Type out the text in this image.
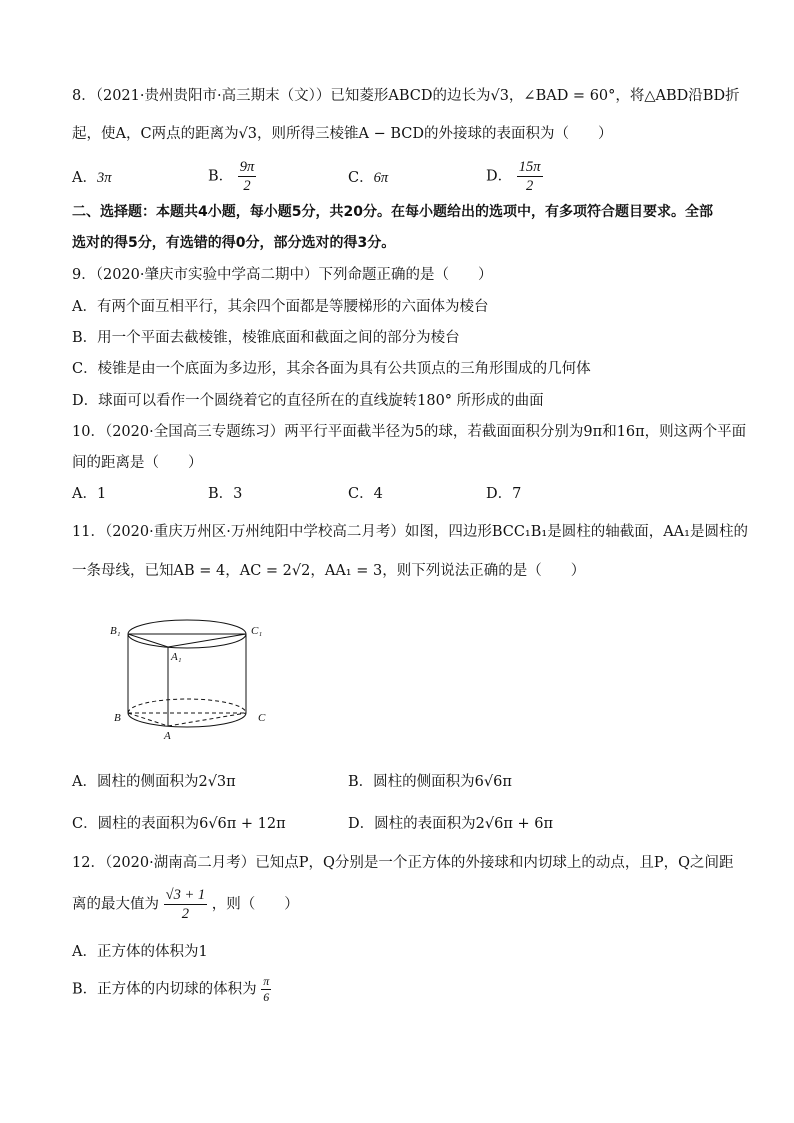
8．（2021·贵州贵阳市·高三期末（文））已知菱形ABCD的边长为√3，∠BAD = 60°，将△ABD沿BD折
起，使A，C两点的距离为√3，则所得三棱锥A − BCD的外接球的表面积为（　　）
A．3π	B． $\frac{9\pi}{2}$	C．6π	D． $\frac{15\pi}{2}$
二、选择题：本题共4小题，每小题5分，共20分。在每小题给出的选项中，有多项符合题目要求。全部
选对的得5分，有选错的得0分，部分选对的得3分。
9．（2020·肇庆市实验中学高二期中）下列命题正确的是（　　）
A．有两个面互相平行，其余四个面都是等腰梯形的六面体为棱台
B．用一个平面去截棱锥，棱锥底面和截面之间的部分为棱台
C．棱锥是由一个底面为多边形，其余各面为具有公共顶点的三角形围成的几何体
D．球面可以看作一个圆绕着它的直径所在的直线旋转180° 所形成的曲面
10．（2020·全国高三专题练习）两平行平面截半径为5的球，若截面面积分别为9π和16π，则这两个平面
间的距离是（　　）
A．1	B．3	C．4	D．7
11．（2020·重庆万州区·万州纯阳中学校高二月考）如图，四边形BCC₁B₁是圆柱的轴截面，AA₁是圆柱的
一条母线，已知AB = 4，AC = 2√2，AA₁ = 3，则下列说法正确的是（　　）
B₁	C₁
A₁
B	C
A
A．圆柱的侧面积为2√3π	B．圆柱的侧面积为6√6π
C．圆柱的表面积为6√6π + 12π	D．圆柱的表面积为2√6π + 6π
12．（2020·湖南高二月考）已知点P，Q分别是一个正方体的外接球和内切球上的动点，且P，Q之间距
离的最大值为 $\frac{√3 + 1}{2}$ ，则（　　）
A．正方体的体积为1
B．正方体的内切球的体积为 $\frac{\pi}{6}$
